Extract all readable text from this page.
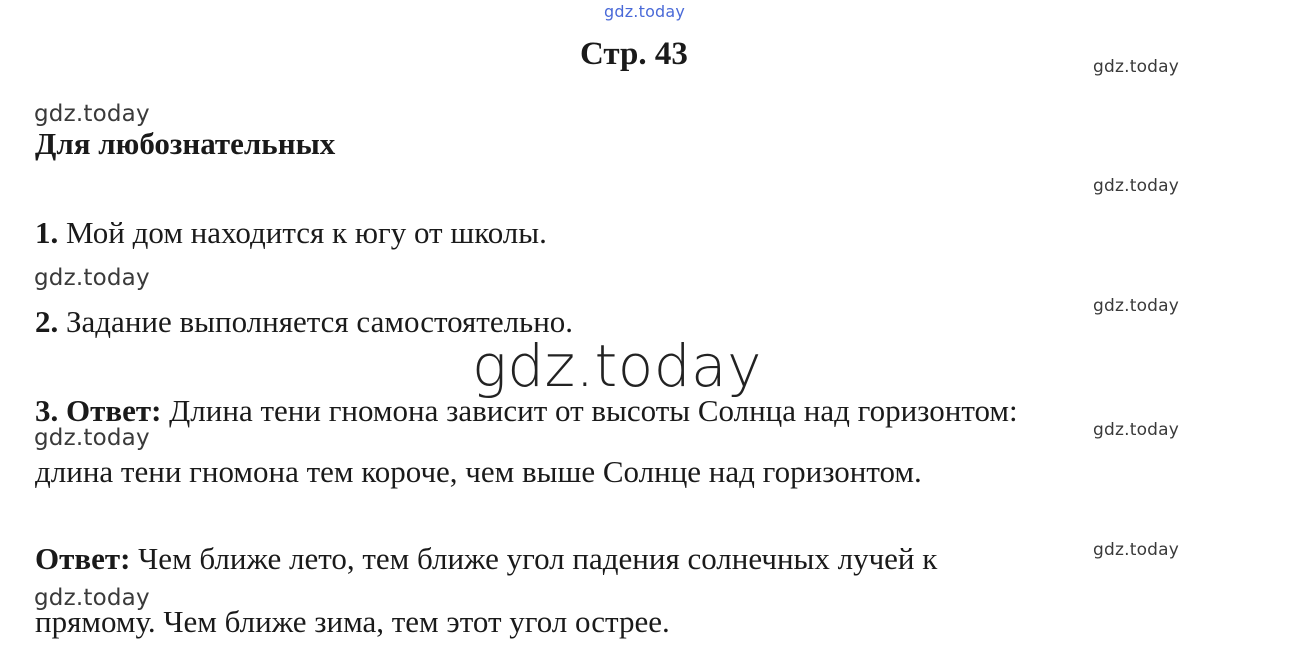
gdz.today
gdz.today
gdz.today
gdz.today
gdz.today
gdz.today
gdz.today	gdz.today
gdz.today
gdz.today
Стр. 43
Для любознательных
1. Мой дом находится к югу от школы.
2. Задание выполняется самостоятельно.
gdz.today
3. Ответ: Длина тени гномона зависит от высоты Солнца над горизонтом:
длина тени гномона тем короче, чем выше Солнце над горизонтом.
Ответ: Чем ближе лето, тем ближе угол падения солнечных лучей к
прямому. Чем ближе зима, тем этот угол острее.
